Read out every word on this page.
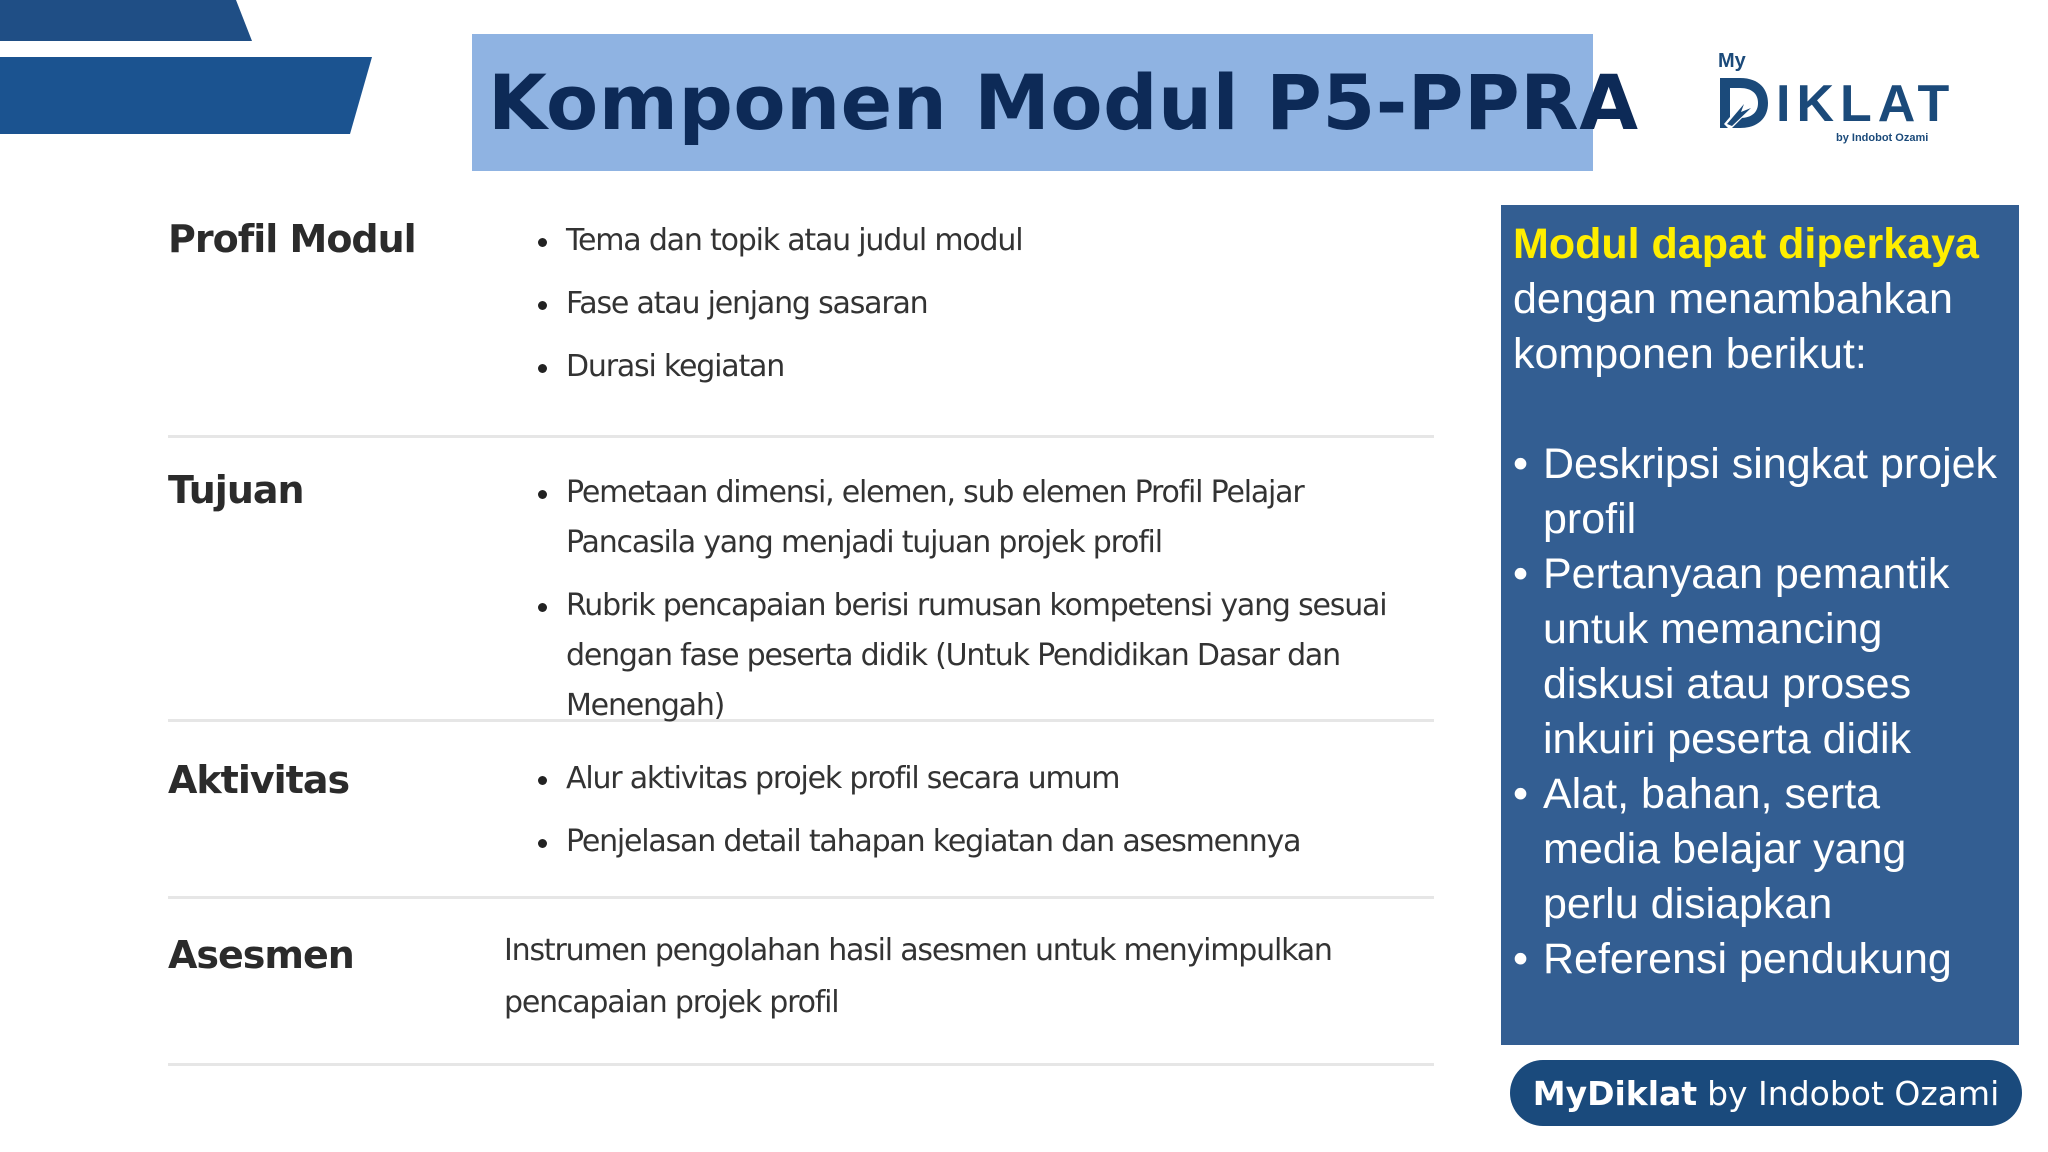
Komponen Modul P5-PPRA	My
IKLAT
by Indobot Ozami
Profil Modul	Tema dan topik atau judul modul
Fase atau jenjang sasaran
Durasi kegiatan
Tujuan	Pemetaan dimensi, elemen, sub elemen Profil Pelajar Pancasila yang menjadi tujuan projek profil
Rubrik pencapaian berisi rumusan kompetensi yang sesuai dengan fase peserta didik (Untuk Pendidikan Dasar dan Menengah)
Aktivitas	Alur aktivitas projek profil secara umum
Penjelasan detail tahapan kegiatan dan asesmennya
Asesmen	Instrumen pengolahan hasil asesmen untuk menyimpulkan pencapaian projek profil
Modul dapat diperkaya
dengan menambahkan komponen berikut:
• Deskripsi singkat projek profil
• Pertanyaan pemantik untuk memancing diskusi atau proses inkuiri peserta didik
• Alat, bahan, serta media belajar yang perlu disiapkan
• Referensi pendukung
MyDiklat by Indobot Ozami
